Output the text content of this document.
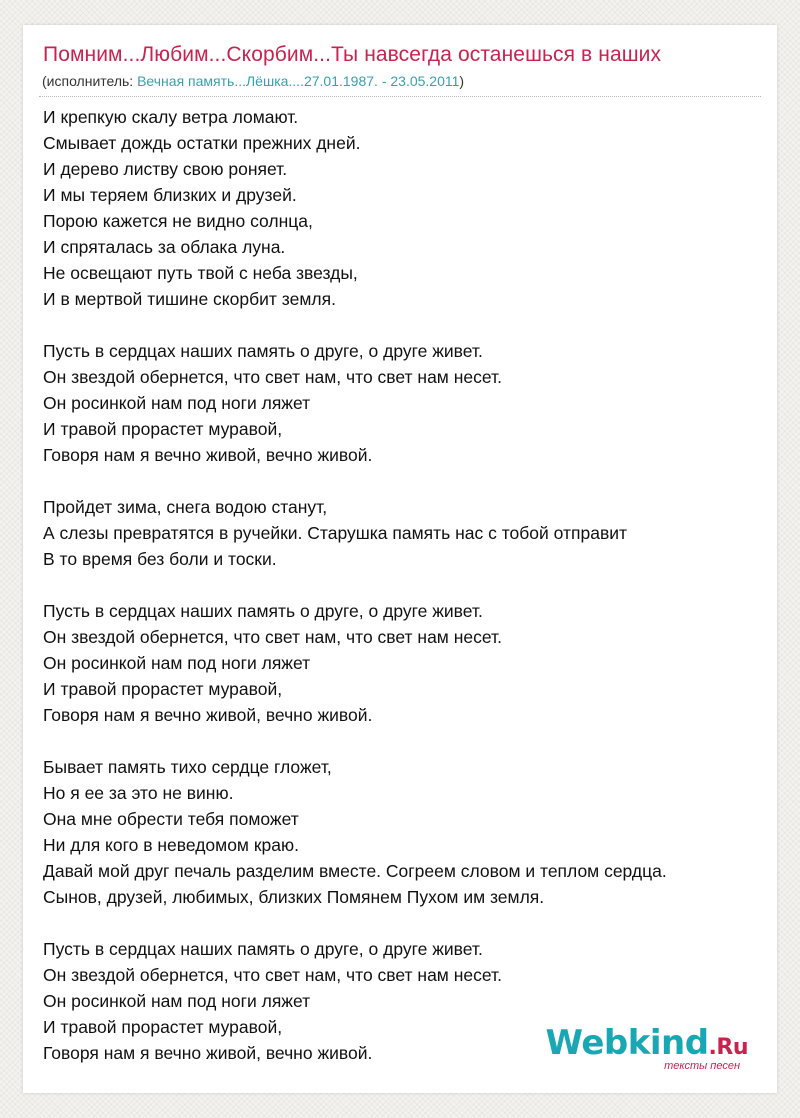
Помним...Любим...Скорбим...Ты навсегда останешься в наших
(исполнитель: Вечная память...Лёшка....27.01.1987. - 23.05.2011)
И крепкую скалу ветра ломают.
Смывает дождь остатки прежних дней.
И дерево листву свою роняет.
И мы теряем близких и друзей.
Порою кажется не видно солнца,
И спряталась за облака луна.
Не освещают путь твой с неба звезды,
И в мертвой тишине скорбит земля.
Пусть в сердцах наших память о друге, о друге живет.
Он звездой обернется, что свет нам, что свет нам несет.
Он росинкой нам под ноги ляжет
И травой прорастет муравой,
Говоря нам я вечно живой, вечно живой.
Пройдет зима, снега водою станут,
А слезы превратятся в ручейки. Старушка память нас с тобой отправит
В то время без боли и тоски.
Пусть в сердцах наших память о друге, о друге живет.
Он звездой обернется, что свет нам, что свет нам несет.
Он росинкой нам под ноги ляжет
И травой прорастет муравой,
Говоря нам я вечно живой, вечно живой.
Бывает память тихо сердце гложет,
Но я ее за это не виню.
Она мне обрести тебя поможет
Ни для кого в неведомом краю.
Давай мой друг печаль разделим вместе. Согреем словом и теплом сердца.
Сынов, друзей, любимых, близких Помянем Пухом им земля.
Пусть в сердцах наших память о друге, о друге живет.
Он звездой обернется, что свет нам, что свет нам несет.
Он росинкой нам под ноги ляжет
И травой прорастет муравой,
Говоря нам я вечно живой, вечно живой.	Webkind.Ru
тексты песен
